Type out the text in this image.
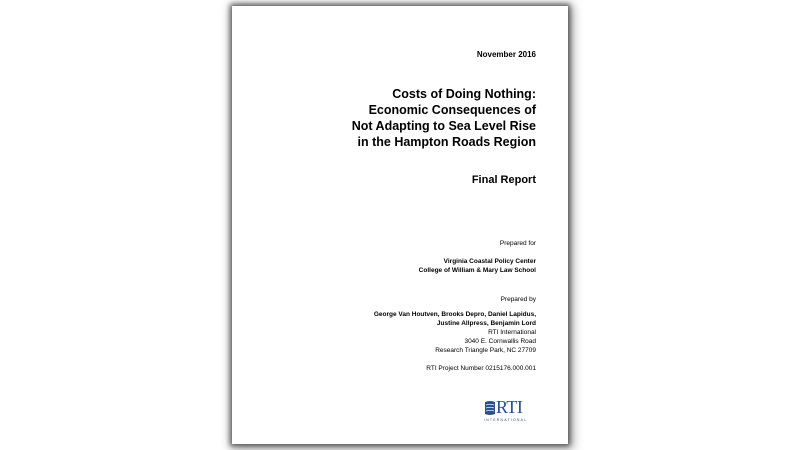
November 2016
Costs of Doing Nothing:
Economic Consequences of
Not Adapting to Sea Level Rise
in the Hampton Roads Region
Final Report
Prepared for
Virginia Coastal Policy Center
College of William & Mary Law School
Prepared by
George Van Houtven, Brooks Depro, Daniel Lapidus,
Justine Allpress, Benjamin Lord
RTI International
3040 E. Cornwallis Road
Research Triangle Park, NC 27709
RTI Project Number 0215176.000.001
RTI
INTERNATIONAL
